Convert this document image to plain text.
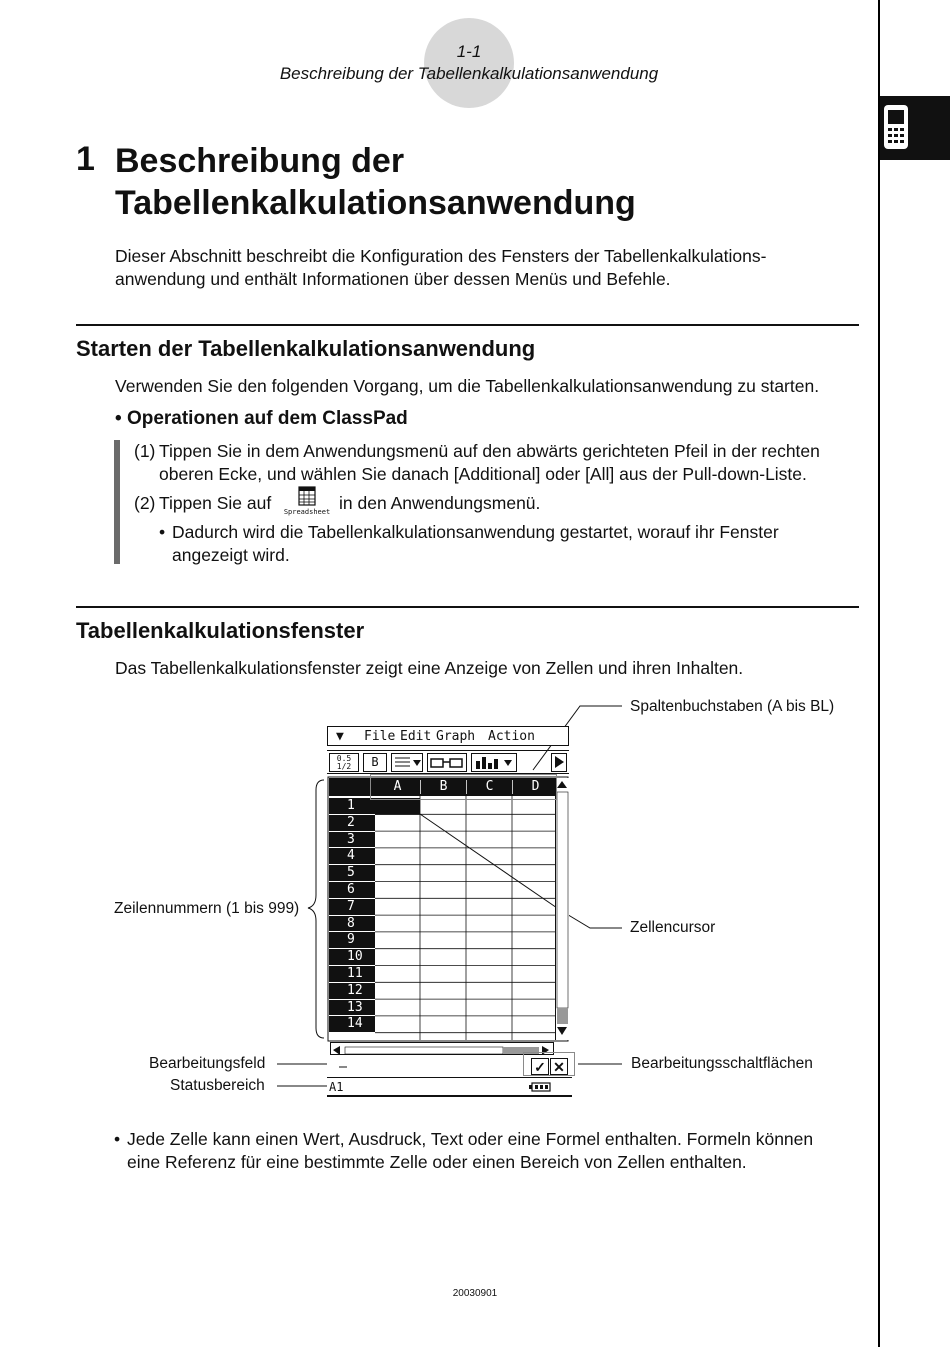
1-1
Beschreibung der Tabellenkalkulationsanwendung
1 Beschreibung der
Tabellenkalkulationsanwendung
Dieser Abschnitt beschreibt die Konfiguration des Fensters der Tabellenkalkulations-
anwendung und enthält Informationen über dessen Menüs und Befehle.
Starten der Tabellenkalkulationsanwendung
Verwenden Sie den folgenden Vorgang, um die Tabellenkalkulationsanwendung zu starten.
• Operationen auf dem ClassPad
(1) Tippen Sie in dem Anwendungsmenü auf den abwärts gerichteten Pfeil in der rechten
oberen Ecke, und wählen Sie danach [Additional] oder [All] aus der Pull-down-Liste.
(2) Tippen Sie auf Spreadsheet in den Anwendungsmenü.
• Dadurch wird die Tabellenkalkulationsanwendung gestartet, worauf ihr Fenster
angezeigt wird.
Tabellenkalkulationsfenster
Das Tabellenkalkulationsfenster zeigt eine Anzeige von Zellen und ihren Inhalten.
Spaltenbuchstaben (A bis BL)
Zeilennummern (1 bis 999)
Zellencursor
Bearbeitungsfeld
Statusbereich
Bearbeitungsschaltflächen
▼ File Edit Graph Action
0.5
1/2	B
A	B	C	D
1
2
3
4
5
6
7
8
9
10
11
12
13
14
✓ ✕
A1
• Jede Zelle kann einen Wert, Ausdruck, Text oder eine Formel enthalten. Formeln können
eine Referenz für eine bestimmte Zelle oder einen Bereich von Zellen enthalten.
20030901
